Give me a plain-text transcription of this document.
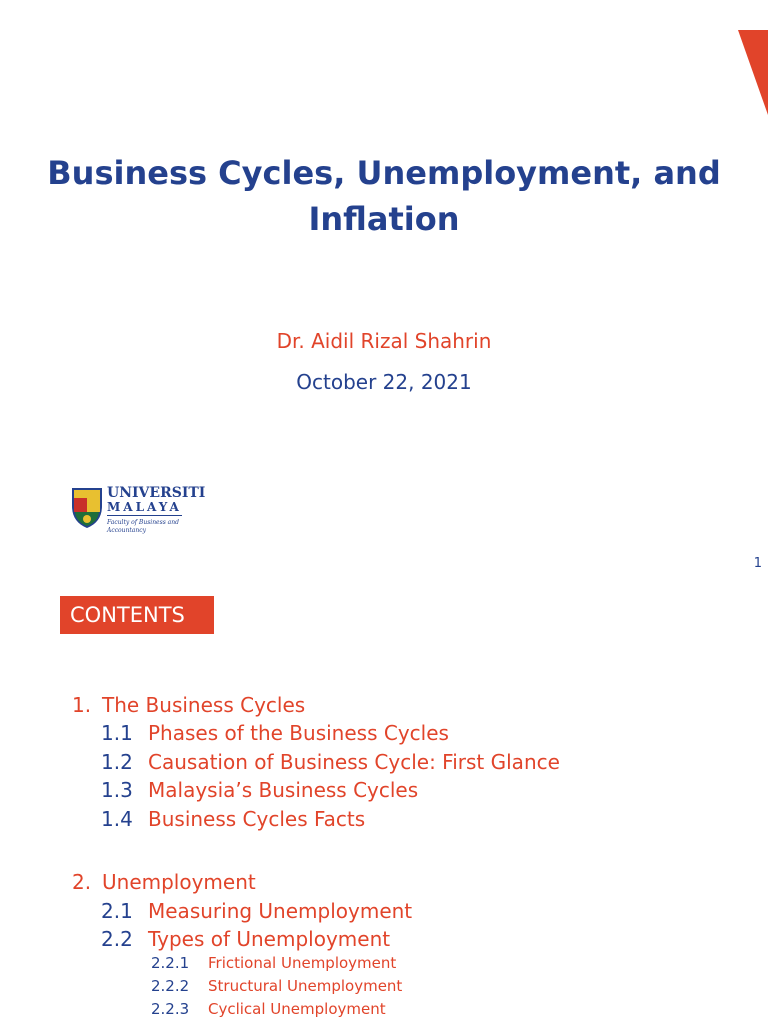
Business Cycles, Unemployment, and Inflation
Dr. Aidil Rizal Shahrin
October 22, 2021
UNIVERSITI
MALAYA
Faculty of Business and Accountancy
1
CONTENTS
1. The Business Cycles
1.1 Phases of the Business Cycles
1.2 Causation of Business Cycle: First Glance
1.3 Malaysia’s Business Cycles
1.4 Business Cycles Facts
2. Unemployment
2.1 Measuring Unemployment
2.2 Types of Unemployment
2.2.1 Frictional Unemployment
2.2.2 Structural Unemployment
2.2.3 Cyclical Unemployment
